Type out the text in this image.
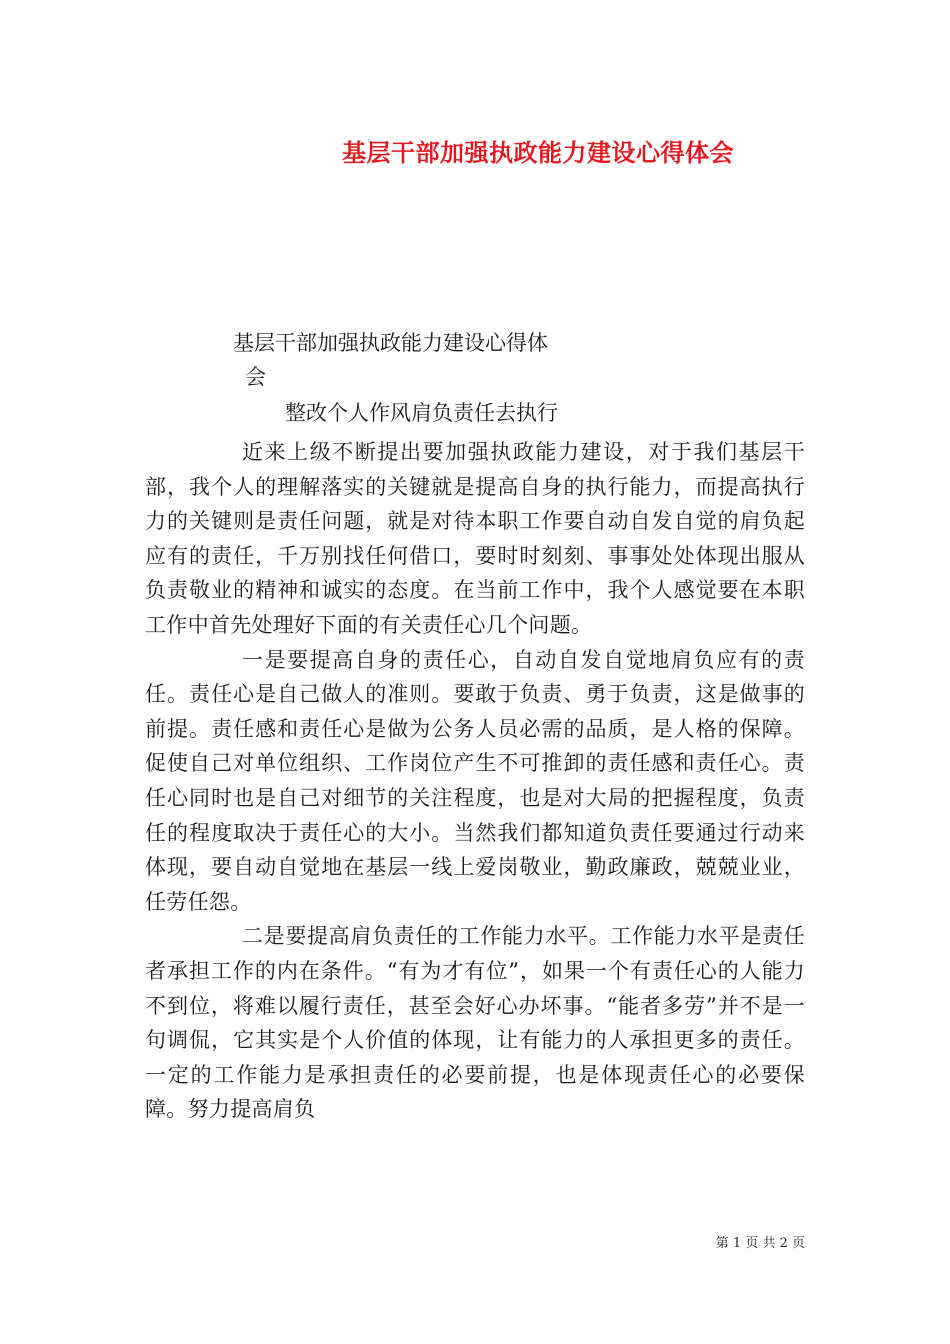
基层干部加强执政能力建设心得体会
基层干部加强执政能力建设心得体
会
整改个人作风肩负责任去执行

近来上级不断提出要加强执政能力建设，对于我们基层干部，我个人的理解落实的关键就是提高自身的执行能力，而提高执行力的关键则是责任问题，就是对待本职工作要自动自发自觉的肩负起应有的责任，千万别找任何借口，要时时刻刻、事事处处体现出服从负责敬业的精神和诚实的态度。在当前工作中，我个人感觉要在本职工作中首先处理好下面的有关责任心几个问题。

一是要提高自身的责任心，自动自发自觉地肩负应有的责任。责任心是自己做人的准则。要敢于负责、勇于负责，这是做事的前提。责任感和责任心是做为公务人员必需的品质，是人格的保障。促使自己对单位组织、工作岗位产生不可推卸的责任感和责任心。责任心同时也是自己对细节的关注程度，也是对大局的把握程度，负责任的程度取决于责任心的大小。当然我们都知道负责任要通过行动来体现，要自动自觉地在基层一线上爱岗敬业，勤政廉政，兢兢业业，任劳任怨。

二是要提高肩负责任的工作能力水平。工作能力水平是责任者承担工作的内在条件。“有为才有位”，如果一个有责任心的人能力不到位，将难以履行责任，甚至会好心办坏事。“能者多劳”并不是一句调侃，它其实是个人价值的体现，让有能力的人承担更多的责任。一定的工作能力是承担责任的必要前提，也是体现责任心的必要保障。努力提高肩负

第 1 页 共 2 页
